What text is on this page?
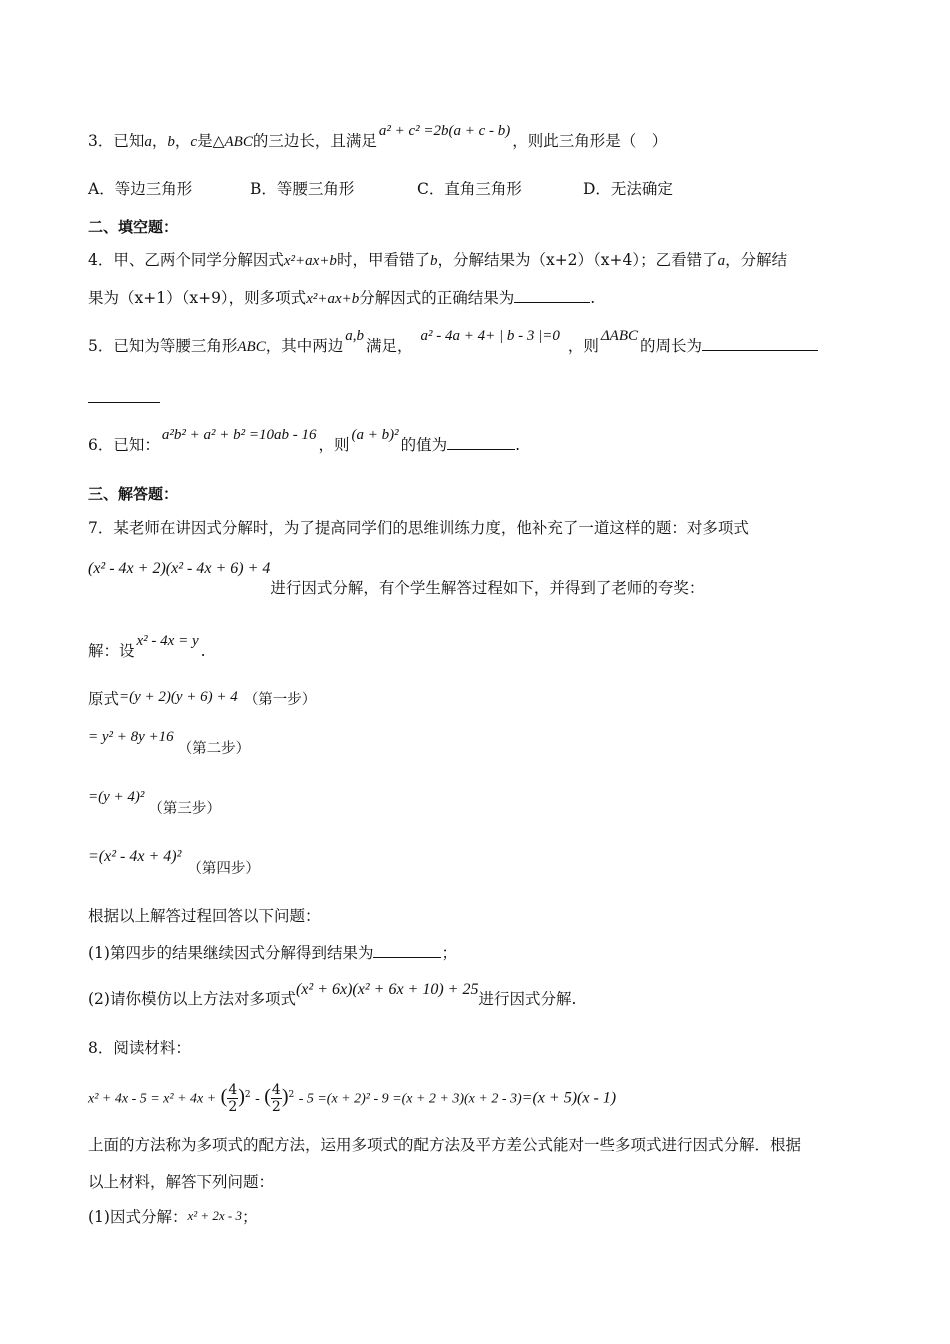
3．已知a，b，c是△ABC的三边长，且满足a² + c² =2b(a + c - b)，则此三角形是（　）
A．等边三角形	B．等腰三角形	C．直角三角形	D．无法确定
二、填空题：
4．甲、乙两个同学分解因式x²+ax+b时，甲看错了b，分解结果为（x+2）（x+4）；乙看错了a，分解结
果为（x+1）（x+9），则多项式x²+ax+b分解因式的正确结果为	.
5．已知为等腰三角形ABC，其中两边a,b满足，a² - 4a + 4+ | b - 3 |=0，则ΔABC的周长为
6．已知：a²b² + a² + b² =10ab - 16，则(a + b)²的值为	.
三、解答题：
7．某老师在讲因式分解时，为了提高同学们的思维训练力度，他补充了一道这样的题：对多项式
(x² - 4x + 2)(x² - 4x + 6) + 4进行因式分解，有个学生解答过程如下，并得到了老师的夸奖：
解：设x² - 4x = y.
原式=(y + 2)(y + 6) + 4 （第一步）
= y² + 8y +16（第二步）
=(y + 4)²（第三步）
=(x² - 4x + 4)²（第四步）
根据以上解答过程回答以下问题：
(1)第四步的结果继续因式分解得到结果为	；
(2)请你模仿以上方法对多项式(x² + 6x)(x² + 6x + 10) + 25进行因式分解.
8．阅读材料：
x² + 4x - 5 = x² + 4x + ( $\frac{4}{2} )^2$ - ( $\frac{4}{2} )^2 - 5 =(x + 2)^2 - 9 =(x + 2 + 3)(x + 2 - 3)=(x + 5)(x - 1)$
上面的方法称为多项式的配方法，运用多项式的配方法及平方差公式能对一些多项式进行因式分解．根据
以上材料，解答下列问题：
(1)因式分解：x² + 2x - 3；
